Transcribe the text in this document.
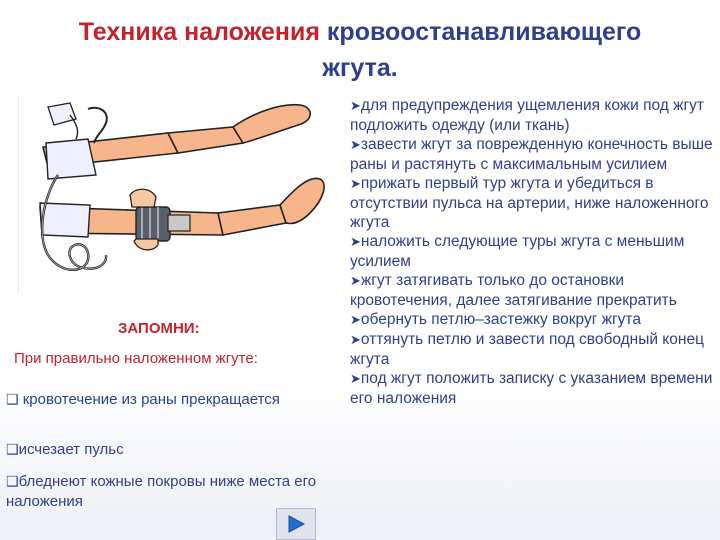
Техника наложения кровоостанавливающего
жгута.
ЗАПОМНИ:
При правильно наложенном жгуте:
❑ кровотечение из раны прекращается
❑исчезает пульс
❑бледнеют кожные покровы ниже места его наложения

➤для предупреждения ущемления кожи под жгут подложить одежду (или ткань)

➤завести жгут за поврежденную конечность выше раны и растянуть с максимальным усилием

➤прижать первый тур жгута и убедиться в отсутствии пульса на артерии, ниже наложенного жгута

➤наложить следующие туры жгута с меньшим усилием

➤жгут затягивать только до остановки кровотечения, далее затягивание прекратить

➤обернуть петлю–застежку вокруг жгута

➤оттянуть петлю и завести под свободный конец жгута

➤под жгут положить записку с указанием времени его наложения
